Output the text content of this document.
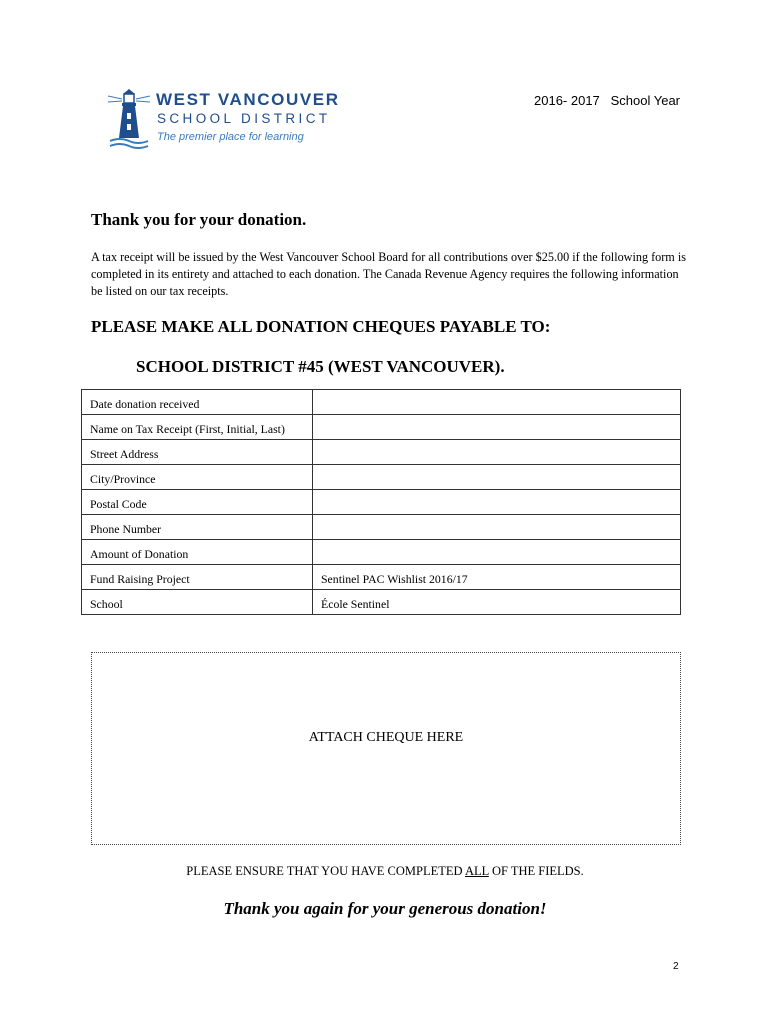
WEST VANCOUVER
SCHOOL DISTRICT
The premier place for learning
2016- 2017   School Year
Thank you for your donation.
A tax receipt will be issued by the West Vancouver School Board for all contributions over $25.00 if the following form is completed in its entirety and attached to each donation. The Canada Revenue Agency requires the following information be listed on our tax receipts.
PLEASE MAKE ALL DONATION CHEQUES PAYABLE TO:
SCHOOL DISTRICT #45 (WEST VANCOUVER).
Date donation received	
Name on Tax Receipt (First, Initial, Last)	
Street Address	
City/Province	
Postal Code	
Phone Number	
Amount of Donation	
Fund Raising Project	Sentinel PAC Wishlist 2016/17
School	École Sentinel
ATTACH CHEQUE HERE
PLEASE ENSURE THAT YOU HAVE COMPLETED ALL OF THE FIELDS.
Thank you again for your generous donation!
2
